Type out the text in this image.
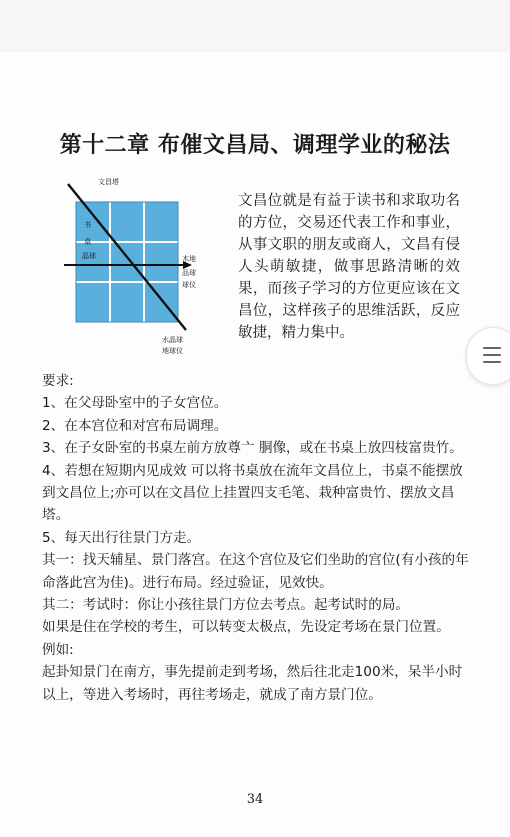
第十二章 布催文昌局、调理学业的秘法
文昌塔
木地
品球
球仪
水晶球
地球仪
书
桌
晶球
文昌位就是有益于读书和求取功名的方位，交易还代表工作和事业，从事文职的朋友或商人，文昌有侵人头萌敏捷，做事思路清晰的效果，而孩子学习的方位更应该在文昌位，这样孩子的思维活跃，反应敏捷，精力集中。

要求:

1、在父母卧室中的子女宫位。

2、在本宫位和对宫布局调理。

3、在子女卧室的书桌左前方放尊亠 胴像，或在书桌上放四枝富贵竹。

4、若想在短期内见成效 可以将书桌放在流年文昌位上，书桌不能摆放到文昌位上;亦可以在文昌位上挂置四支毛笔、栽种富贵竹、摆放文昌塔。

5、每天出行往景门方走。

其一：找天辅星、景门落宫。在这个宫位及它们坐助的宫位(有小孩的年命落此宫为佳)。进行布局。经过验证，见效快。

其二：考试时：你让小孩往景门方位去考点。起考试时的局。

如果是住在学校的考生，可以转变太极点，先设定考场在景门位置。

例如:

起卦知景门在南方，事先提前走到考场，然后往北走100米，呆半小时以上，等进入考场时，再往考场走，就成了南方景门位。

34
